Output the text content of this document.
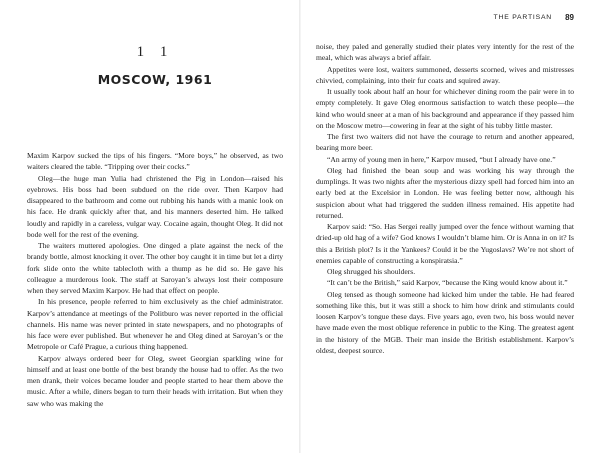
1 1
MOSCOW, 1961

Maxim Karpov sucked the tips of his fingers. “More boys,” he observed, as two waiters cleared the table. “Tripping over their cocks.”

Oleg—the huge man Yulia had christened the Pig in London—raised his eyebrows. His boss had been subdued on the ride over. Then Karpov had disappeared to the bathroom and come out rubbing his hands with a manic look on his face. He drank quickly after that, and his manners deserted him. He talked loudly and rapidly in a careless, vulgar way. Cocaine again, thought Oleg. It did not bode well for the rest of the evening.

The waiters muttered apologies. One dinged a plate against the neck of the brandy bottle, almost knocking it over. The other boy caught it in time but let a dirty fork slide onto the white tablecloth with a thump as he did so. He gave his colleague a murderous look. The staff at Saroyan’s always lost their composure when they served Maxim Karpov. He had that effect on people.

In his presence, people referred to him exclusively as the chief administrator. Karpov’s attendance at meetings of the Politburo was never reported in the official channels. His name was never printed in state newspapers, and no photographs of his face were ever published. But whenever he and Oleg dined at Saroyan’s or the Metropole or Café Prague, a curious thing happened.

Karpov always ordered beer for Oleg, sweet Georgian sparkling wine for himself and at least one bottle of the best brandy the house had to offer. As the two men drank, their voices became louder and people started to hear them above the music. After a while, diners began to turn their heads with irritation. But when they saw who was making the

THE PARTISAN 89

noise, they paled and generally studied their plates very intently for the rest of the meal, which was always a brief affair.

Appetites were lost, waiters summoned, desserts scorned, wives and mistresses chivvied, complaining, into their fur coats and squired away.

It usually took about half an hour for whichever dining room the pair were in to empty completely. It gave Oleg enormous satisfaction to watch these people—the kind who would sneer at a man of his background and appearance if they passed him on the Moscow metro—cowering in fear at the sight of his tubby little master.

The first two waiters did not have the courage to return and another appeared, bearing more beer.

“An army of young men in here,” Karpov mused, “but I already have one.”

Oleg had finished the bean soup and was working his way through the dumplings. It was two nights after the mysterious dizzy spell had forced him into an early bed at the Excelsior in London. He was feeling better now, although his suspicion about what had triggered the sudden illness remained. His appetite had returned.

Karpov said: “So. Has Sergei really jumped over the fence without warning that dried-up old hag of a wife? God knows I wouldn’t blame him. Or is Anna in on it? Is this a British plot? Is it the Yankees? Could it be the Yugoslavs? We’re not short of enemies capable of constructing a konspiratsia.”

Oleg shrugged his shoulders.

“It can’t be the British,” said Karpov, “because the King would know about it.”

Oleg tensed as though someone had kicked him under the table. He had feared something like this, but it was still a shock to him how drink and stimulants could loosen Karpov’s tongue these days. Five years ago, even two, his boss would never have made even the most oblique reference in public to the King. The greatest agent in the history of the MGB. Their man inside the British establishment. Karpov’s oldest, deepest source.
